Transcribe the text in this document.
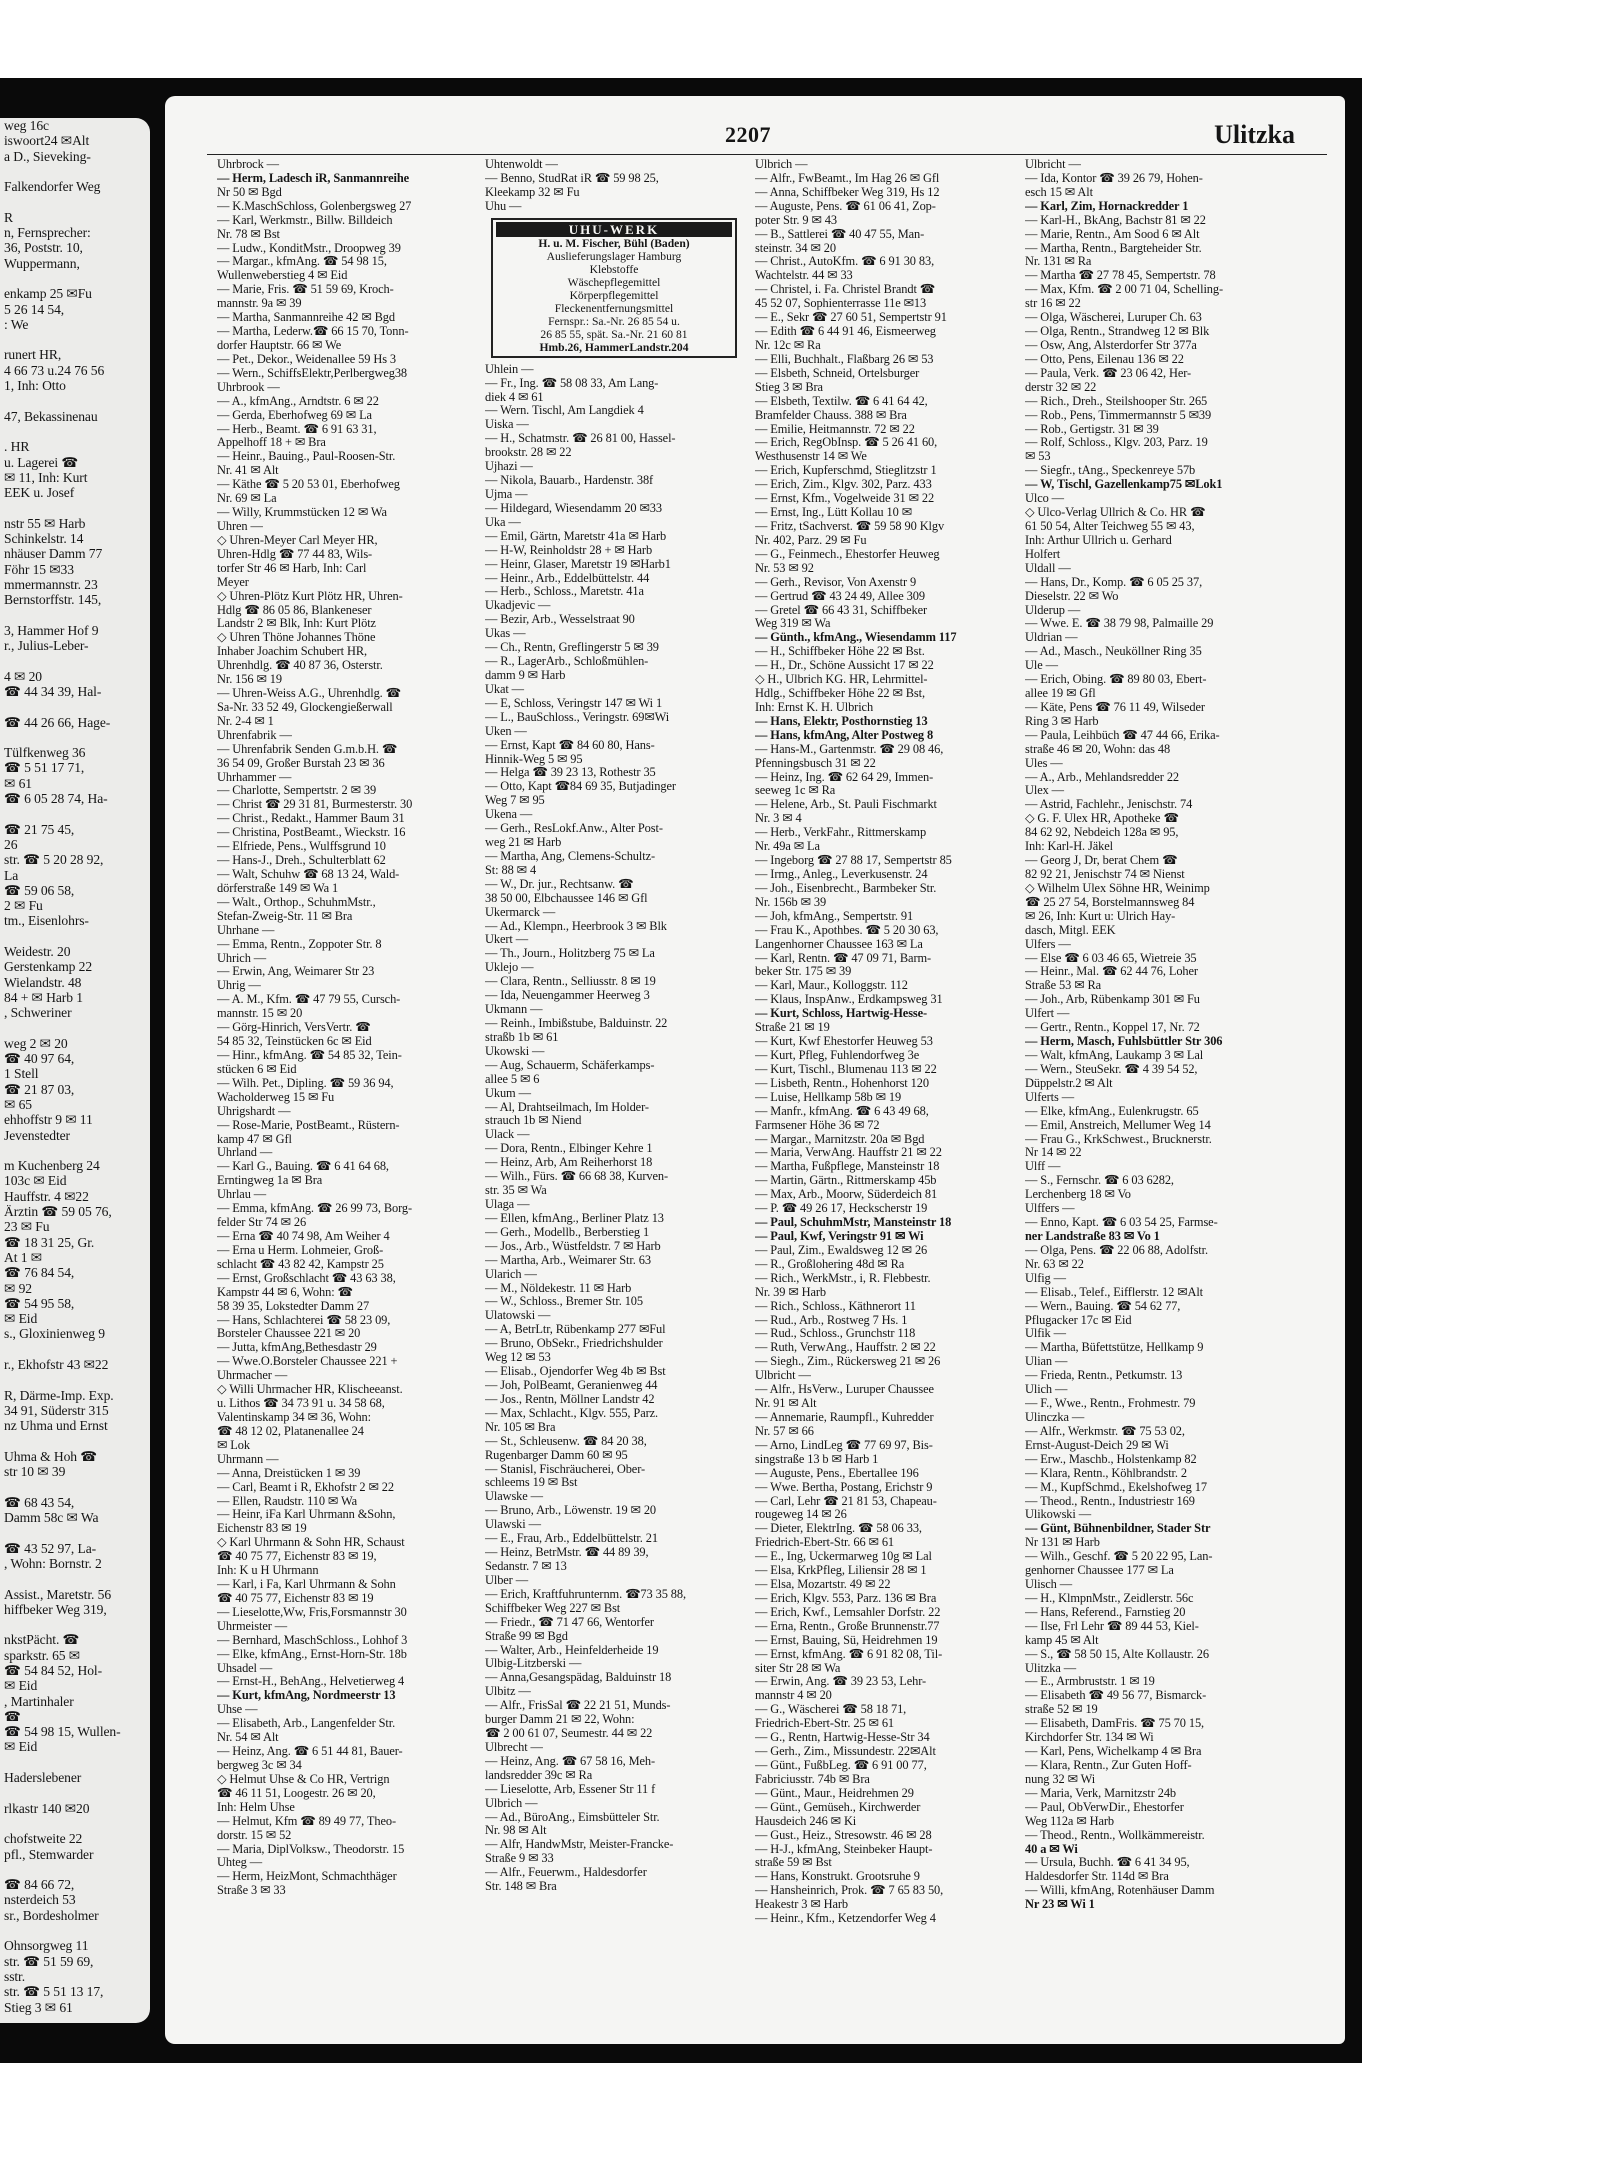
weg 16c
iswoort24 ✉Alt
a D., Sieveking-

Falkendorfer Weg

R
n, Fernsprecher:
36, Poststr. 10,
Wuppermann,

enkamp 25 ✉Fu
5 26 14 54,
: We

runert HR,
4 66 73 u.24 76 56
1, Inh: Otto

47, Bekassinenau

. HR
u. Lagerei ☎
✉ 11, Inh: Kurt
EEK u. Josef

nstr 55 ✉ Harb
Schinkelstr. 14
nhäuser Damm 77
Föhr 15 ✉33
mmermannstr. 23
Bernstorffstr. 145,

3, Hammer Hof 9
r., Julius-Leber-

4 ✉ 20
☎ 44 34 39, Hal-

☎ 44 26 66, Hage-

Tülfkenweg 36
☎ 5 51 17 71,
✉ 61
☎ 6 05 28 74, Ha-

☎ 21 75 45,
26
str. ☎ 5 20 28 92,
La
☎ 59 06 58,
2 ✉ Fu
tm., Eisenlohrs-

Weidestr. 20
Gerstenkamp 22
Wielandstr. 48
84 + ✉ Harb 1
, Schweriner

weg 2 ✉ 20
☎ 40 97 64,
1 Stell
☎ 21 87 03,
✉ 65
ehhoffstr 9 ✉ 11
Jevenstedter

m Kuchenberg 24
103c ✉ Eid
Hauffstr. 4 ✉22
Ärztin ☎ 59 05 76,
23 ✉ Fu
☎ 18 31 25, Gr.
At 1 ✉
☎ 76 84 54,
✉ 92
☎ 54 95 58,
✉ Eid
s., Gloxinienweg 9

r., Ekhofstr 43 ✉22

R, Därme-Imp. Exp.
34 91, Süderstr 315
nz Uhma und Ernst

Uhma & Hoh ☎
str 10 ✉ 39

☎ 68 43 54,
Damm 58c ✉ Wa

☎ 43 52 97, La-
, Wohn: Bornstr. 2

Assist., Maretstr. 56
hiffbeker Weg 319,

nkstPächt. ☎
sparkstr. 65 ✉
☎ 54 84 52, Hol-
✉ Eid
, Martinhaler
☎
☎ 54 98 15, Wullen-
✉ Eid

Haderslebener

rlkastr 140 ✉20

chofstweite 22
pfl., Stemwarder

☎ 84 66 72,
nsterdeich 53
sr., Bordesholmer

Ohnsorgweg 11
str. ☎ 51 59 69,
sstr.
str. ☎ 5 51 13 17,
Stieg 3 ✉ 61
2207	Ulitzka
Uhrbrock —
— Herm, Ladesch iR, Sanmannreihe
Nr 50 ✉ Bgd
— K.MaschSchloss, Golenbergsweg 27
— Karl, Werkmstr., Billw. Billdeich
Nr. 78 ✉ Bst
— Ludw., KonditMstr., Droopweg 39
— Margar., kfmAng. ☎ 54 98 15,
Wullenweberstieg 4 ✉ Eid
— Marie, Fris. ☎ 51 59 69, Kroch-
mannstr. 9a ✉ 39
— Martha, Sanmannreihe 42 ✉ Bgd
— Martha, Lederw.☎ 66 15 70, Tonn-
dorfer Hauptstr. 66 ✉ We
— Pet., Dekor., Weidenallee 59 Hs 3
— Wern., SchiffsElektr,Perlbergweg38
Uhrbrook —
— A., kfmAng., Arndtstr. 6 ✉ 22
— Gerda, Eberhofweg 69 ✉ La
— Herb., Beamt. ☎ 6 91 63 31,
Appelhoff 18 + ✉ Bra
— Heinr., Bauing., Paul-Roosen-Str.
Nr. 41 ✉ Alt
— Käthe ☎ 5 20 53 01, Eberhofweg
Nr. 69 ✉ La
— Willy, Krummstücken 12 ✉ Wa
Uhren —
◇ Uhren-Meyer Carl Meyer HR,
Uhren-Hdlg ☎ 77 44 83, Wils-
torfer Str 46 ✉ Harb, Inh: Carl
Meyer
◇ Uhren-Plötz Kurt Plötz HR, Uhren-
Hdlg ☎ 86 05 86, Blankeneser
Landstr 2 ✉ Blk, Inh: Kurt Plötz
◇ Uhren Thöne Johannes Thöne
Inhaber Joachim Schubert HR,
Uhrenhdlg. ☎ 40 87 36, Osterstr.
Nr. 156 ✉ 19
— Uhren-Weiss A.G., Uhrenhdlg. ☎
Sa-Nr. 33 52 49, Glockengießerwall
Nr. 2-4 ✉ 1
Uhrenfabrik —
— Uhrenfabrik Senden G.m.b.H. ☎
36 54 09, Großer Burstah 23 ✉ 36
Uhrhammer —
— Charlotte, Sempertstr. 2 ✉ 39
— Christ ☎ 29 31 81, Burmesterstr. 30
— Christ., Redakt., Hammer Baum 31
— Christina, PostBeamt., Wieckstr. 16
— Elfriede, Pens., Wulffsgrund 10
— Hans-J., Dreh., Schulterblatt 62
— Walt, Schuhw ☎ 68 13 24, Wald-
dörferstraße 149 ✉ Wa 1
— Walt., Orthop., SchuhmMstr.,
Stefan-Zweig-Str. 11 ✉ Bra
Uhrhane —
— Emma, Rentn., Zoppoter Str. 8
Uhrich —
— Erwin, Ang, Weimarer Str 23
Uhrig —
— A. M., Kfm. ☎ 47 79 55, Cursch-
mannstr. 15 ✉ 20
— Görg-Hinrich, VersVertr. ☎
54 85 32, Teinstücken 6c ✉ Eid
— Hinr., kfmAng. ☎ 54 85 32, Tein-
stücken 6 ✉ Eid
— Wilh. Pet., Dipling. ☎ 59 36 94,
Wacholderweg 15 ✉ Fu
Uhrigshardt —
— Rose-Marie, PostBeamt., Rüstern-
kamp 47 ✉ Gfl
Uhrland —
— Karl G., Bauing. ☎ 6 41 64 68,
Erntingweg 1a ✉ Bra
Uhrlau —
— Emma, kfmAng. ☎ 26 99 73, Borg-
felder Str 74 ✉ 26
— Erna ☎ 40 74 98, Am Weiher 4
— Erna u Herm. Lohmeier, Groß-
schlacht ☎ 43 82 42, Kampstr 25
— Ernst, Großschlacht ☎ 43 63 38,
Kampstr 44 ✉ 6, Wohn: ☎
58 39 35, Lokstedter Damm 27
— Hans, Schlachterei ☎ 58 23 09,
Borsteler Chaussee 221 ✉ 20
— Jutta, kfmAng,Bethesdastr 29
— Wwe.O.Borsteler Chaussee 221 +
Uhrmacher —
◇ Willi Uhrmacher HR, Klischeeanst.
u. Lithos ☎ 34 73 91 u. 34 58 68,
Valentinskamp 34 ✉ 36, Wohn:
☎ 48 12 02, Platanenallee 24
✉ Lok
Uhrmann —
— Anna, Dreistücken 1 ✉ 39
— Carl, Beamt i R, Ekhofstr 2 ✉ 22
— Ellen, Raudstr. 110 ✉ Wa
— Heinr, iFa Karl Uhrmann &Sohn,
Eichenstr 83 ✉ 19
◇ Karl Uhrmann & Sohn HR, Schaust
☎ 40 75 77, Eichenstr 83 ✉ 19,
Inh: K u H Uhrmann
— Karl, i Fa, Karl Uhrmann & Sohn
☎ 40 75 77, Eichenstr 83 ✉ 19
— Lieselotte,Ww, Fris,Forsmannstr 30
Uhrmeister —
— Bernhard, MaschSchloss., Lohhof 3
— Elke, kfmAng., Ernst-Horn-Str. 18b
Uhsadel —
— Ernst-H., BehAng., Helvetierweg 4
— Kurt, kfmAng, Nordmeerstr 13
Uhse —
— Elisabeth, Arb., Langenfelder Str.
Nr. 54 ✉ Alt
— Heinz, Ang. ☎ 6 51 44 81, Bauer-
bergweg 3c ✉ 34
◇ Helmut Uhse & Co HR, Vertrign
☎ 46 11 51, Loogestr. 26 ✉ 20,
Inh: Helm Uhse
— Helmut, Kfm ☎ 89 49 77, Theo-
dorstr. 15 ✉ 52
— Maria, DiplVolksw., Theodorstr. 15
Uhteg —
— Herm, HeizMont, Schmachthäger
Straße 3 ✉ 33
Uhtenwoldt —
— Benno, StudRat iR ☎ 59 98 25,
Kleekamp 32 ✉ Fu
Uhu —
UHU-WERK
H. u. M. Fischer, Bühl (Baden)
Auslieferungslager Hamburg
Klebstoffe
Wäschepflegemittel
Körperpflegemittel
Fleckenentfernungsmittel
Fernspr.: Sa.-Nr. 26 85 54 u.
26 85 55, spät. Sa.-Nr. 21 60 81
Hmb.26, HammerLandstr.204
Uhlein —
— Fr., Ing. ☎ 58 08 33, Am Lang-
diek 4 ✉ 61
— Wern. Tischl, Am Langdiek 4
Uiska —
— H., Schatmstr. ☎ 26 81 00, Hassel-
brookstr. 28 ✉ 22
Ujhazi —
— Nikola, Bauarb., Hardenstr. 38f
Ujma —
— Hildegard, Wiesendamm 20 ✉33
Uka —
— Emil, Gärtn, Maretstr 41a ✉ Harb
— H-W, Reinholdstr 28 + ✉ Harb
— Heinr, Glaser, Maretstr 19 ✉Harb1
— Heinr., Arb., Eddelbüttelstr. 44
— Herb., Schloss., Maretstr. 41a
Ukadjevic —
— Bezir, Arb., Wesselstraat 90
Ukas —
— Ch., Rentn, Greflingerstr 5 ✉ 39
— R., LagerArb., Schloßmühlen-
damm 9 ✉ Harb
Ukat —
— E, Schloss, Veringstr 147 ✉ Wi 1
— L., BauSchloss., Veringstr. 69✉Wi
Uken —
— Ernst, Kapt ☎ 84 60 80, Hans-
Hinnik-Weg 5 ✉ 95
— Helga ☎ 39 23 13, Rothestr 35
— Otto, Kapt ☎84 69 35, Butjadinger
Weg 7 ✉ 95
Ukena —
— Gerh., ResLokf.Anw., Alter Post-
weg 21 ✉ Harb
— Martha, Ang, Clemens-Schultz-
St: 88 ✉ 4
— W., Dr. jur., Rechtsanw. ☎
38 50 00, Elbchaussee 146 ✉ Gfl
Ukermarck —
— Ad., Klempn., Heerbrook 3 ✉ Blk
Ukert —
— Th., Journ., Holitzberg 75 ✉ La
Uklejo —
— Clara, Rentn., Selliusstr. 8 ✉ 19
— Ida, Neuengammer Heerweg 3
Ukmann —
— Reinh., Imbißstube, Balduinstr. 22
straßb 1b ✉ 61
Ukowski —
— Aug, Schauerm, Schäferkamps-
allee 5 ✉ 6
Ukum —
— Al, Drahtseilmach, Im Holder-
strauch 1b ✉ Niend
Ulack —
— Dora, Rentn., Elbinger Kehre 1
— Heinz, Arb, Am Reiherhorst 18
— Wilh., Fürs. ☎ 66 68 38, Kurven-
str. 35 ✉ Wa
Ulaga —
— Ellen, kfmAng., Berliner Platz 13
— Gerh., Modellb., Berberstieg 1
— Jos., Arb., Wüstfeldstr. 7 ✉ Harb
— Martha, Arb., Weimarer Str. 63
Ularich —
— M., Nöldekestr. 11 ✉ Harb
— W., Schloss., Bremer Str. 105
Ulatowski —
— A, BetrLtr, Rübenkamp 277 ✉Ful
— Bruno, ObSekr., Friedrichshulder
Weg 12 ✉ 53
— Elisab., Ojendorfer Weg 4b ✉ Bst
— Joh, PolBeamt, Geranienweg 44
— Jos., Rentn, Möllner Landstr 42
— Max, Schlacht., Klgv. 555, Parz.
Nr. 105 ✉ Bra
— St., Schleusenw. ☎ 84 20 38,
Rugenbarger Damm 60 ✉ 95
— Stanisl, Fischräucherei, Ober-
schleems 19 ✉ Bst
Ulawske —
— Bruno, Arb., Löwenstr. 19 ✉ 20
Ulawski —
— E., Frau, Arb., Eddelbüttelstr. 21
— Heinz, BetrMstr. ☎ 44 89 39,
Sedanstr. 7 ✉ 13
Ulber —
— Erich, Kraftfuhrunternm. ☎73 35 88,
Schiffbeker Weg 227 ✉ Bst
— Friedr., ☎ 71 47 66, Wentorfer
Straße 99 ✉ Bgd
— Walter, Arb., Heinfelderheide 19
Ulbig-Litzberski —
— Anna,Gesangspädag, Balduinstr 18
Ulbitz —
— Alfr., FrisSal ☎ 22 21 51, Munds-
burger Damm 21 ✉ 22, Wohn:
☎ 2 00 61 07, Seumestr. 44 ✉ 22
Ulbrecht —
— Heinz, Ang. ☎ 67 58 16, Meh-
landsredder 39c ✉ Ra
— Lieselotte, Arb, Essener Str 11 f
Ulbrich —
— Ad., BüroAng., Eimsbütteler Str.
Nr. 98 ✉ Alt
— Alfr, HandwMstr, Meister-Francke-
Straße 9 ✉ 33
— Alfr., Feuerwm., Haldesdorfer
Str. 148 ✉ Bra
Ulbrich —
— Alfr., FwBeamt., Im Hag 26 ✉ Gfl
— Anna, Schiffbeker Weg 319, Hs 12
— Auguste, Pens. ☎ 61 06 41, Zop-
poter Str. 9 ✉ 43
— B., Sattlerei ☎ 40 47 55, Man-
steinstr. 34 ✉ 20
— Christ., AutoKfm. ☎ 6 91 30 83,
Wachtelstr. 44 ✉ 33
— Christel, i. Fa. Christel Brandt ☎
45 52 07, Sophienterrasse 11e ✉13
— E., Sekr ☎ 27 60 51, Sempertstr 91
— Edith ☎ 6 44 91 46, Eismeerweg
Nr. 12c ✉ Ra
— Elli, Buchhalt., Flaßbarg 26 ✉ 53
— Elsbeth, Schneid, Ortelsburger
Stieg 3 ✉ Bra
— Elsbeth, Textilw. ☎ 6 41 64 42,
Bramfelder Chauss. 388 ✉ Bra
— Emilie, Heitmannstr. 72 ✉ 22
— Erich, RegObInsp. ☎ 5 26 41 60,
Westhusenstr 14 ✉ We
— Erich, Kupferschmd, Stieglitzstr 1
— Erich, Zim., Klgv. 302, Parz. 433
— Ernst, Kfm., Vogelweide 31 ✉ 22
— Ernst, Ing., Lütt Kollau 10 ✉
— Fritz, tSachverst. ☎ 59 58 90 Klgv
Nr. 402, Parz. 29 ✉ Fu
— G., Feinmech., Ehestorfer Heuweg
Nr. 53 ✉ 92
— Gerh., Revisor, Von Axenstr 9
— Gertrud ☎ 43 24 49, Allee 309
— Gretel ☎ 66 43 31, Schiffbeker
Weg 319 ✉ Wa
— Günth., kfmAng., Wiesendamm 117
— H., Schiffbeker Höhe 22 ✉ Bst.
— H., Dr., Schöne Aussicht 17 ✉ 22
◇ H., Ulbrich KG. HR, Lehrmittel-
Hdlg., Schiffbeker Höhe 22 ✉ Bst,
Inh: Ernst K. H. Ulbrich
— Hans, Elektr, Posthornstieg 13
— Hans, kfmAng, Alter Postweg 8
— Hans-M., Gartenmstr. ☎ 29 08 46,
Pfenningsbusch 31 ✉ 22
— Heinz, Ing. ☎ 62 64 29, Immen-
seeweg 1c ✉ Ra
— Helene, Arb., St. Pauli Fischmarkt
Nr. 3 ✉ 4
— Herb., VerkFahr., Rittmerskamp
Nr. 49a ✉ La
— Ingeborg ☎ 27 88 17, Sempertstr 85
— Irmg., Anleg., Leverkusenstr. 24
— Joh., Eisenbrecht., Barmbeker Str.
Nr. 156b ✉ 39
— Joh, kfmAng., Sempertstr. 91
— Frau K., Apothbes. ☎ 5 20 30 63,
Langenhorner Chaussee 163 ✉ La
— Karl, Rentn. ☎ 47 09 71, Barm-
beker Str. 175 ✉ 39
— Karl, Maur., Kolloggstr. 112
— Klaus, InspAnw., Erdkampsweg 31
— Kurt, Schloss, Hartwig-Hesse-
Straße 21 ✉ 19
— Kurt, Kwf Ehestorfer Heuweg 53
— Kurt, Pfleg, Fuhlendorfweg 3e
— Kurt, Tischl., Blumenau 113 ✉ 22
— Lisbeth, Rentn., Hohenhorst 120
— Luise, Hellkamp 58b ✉ 19
— Manfr., kfmAng. ☎ 6 43 49 68,
Farmsener Höhe 36 ✉ 72
— Margar., Marnitzstr. 20a ✉ Bgd
— Maria, VerwAng. Hauffstr 21 ✉ 22
— Martha, Fußpflege, Mansteinstr 18
— Martin, Gärtn., Rittmerskamp 45b
— Max, Arb., Moorw, Süderdeich 81
— P. ☎ 49 26 17, Heckscherstr 19
— Paul, SchuhmMstr, Mansteinstr 18
— Paul, Kwf, Veringstr 91 ✉ Wi
— Paul, Zim., Ewaldsweg 12 ✉ 26
— R., Großlohering 48d ✉ Ra
— Rich., WerkMstr., i, R. Flebbestr.
Nr. 39 ✉ Harb
— Rich., Schloss., Käthnerort 11
— Rud., Arb., Rostweg 7 Hs. 1
— Rud., Schloss., Grunchstr 118
— Ruth, VerwAng., Hauffstr. 2 ✉ 22
— Siegh., Zim., Rückersweg 21 ✉ 26
Ulbricht —
— Alfr., HsVerw., Luruper Chaussee
Nr. 91 ✉ Alt
— Annemarie, Raumpfl., Kuhredder
Nr. 57 ✉ 66
— Arno, LindLeg ☎ 77 69 97, Bis-
singstraße 13 b ✉ Harb 1
— Auguste, Pens., Ebertallee 196
— Wwe. Bertha, Postang, Erichstr 9
— Carl, Lehr ☎ 21 81 53, Chapeau-
rougeweg 14 ✉ 26
— Dieter, ElektrIng. ☎ 58 06 33,
Friedrich-Ebert-Str. 66 ✉ 61
— E., Ing, Uckermarweg 10g ✉ Lal
— Elsa, KrkPfleg, Liliensir 28 ✉ 1
— Elsa, Mozartstr. 49 ✉ 22
— Erich, Klgv. 553, Parz. 136 ✉ Bra
— Erich, Kwf., Lemsahler Dorfstr. 22
— Erna, Rentn., Große Brunnenstr.77
— Ernst, Bauing, Sü, Heidrehmen 19
— Ernst, kfmAng. ☎ 6 91 82 08, Til-
siter Str 28 ✉ Wa
— Erwin, Ang. ☎ 39 23 53, Lehr-
mannstr 4 ✉ 20
— G., Wäscherei ☎ 58 18 71,
Friedrich-Ebert-Str. 25 ✉ 61
— G., Rentn, Hartwig-Hesse-Str 34
— Gerh., Zim., Missundestr. 22✉Alt
— Günt., FußbLeg. ☎ 6 91 00 77,
Fabriciusstr. 74b ✉ Bra
— Günt., Maur., Heidrehmen 29
— Günt., Gemüseh., Kirchwerder
Hausdeich 246 ✉ Ki
— Gust., Heiz., Stresowstr. 46 ✉ 28
— H-J., kfmAng, Steinbeker Haupt-
straße 59 ✉ Bst
— Hans, Konstrukt. Grootsruhe 9
— Hansheinrich, Prok. ☎ 7 65 83 50,
Heakestr 3 ✉ Harb
— Heinr., Kfm., Ketzendorfer Weg 4
Ulbricht —
— Ida, Kontor ☎ 39 26 79, Hohen-
esch 15 ✉ Alt
— Karl, Zim, Hornackredder 1
— Karl-H., BkAng, Bachstr 81 ✉ 22
— Marie, Rentn., Am Sood 6 ✉ Alt
— Martha, Rentn., Bargteheider Str.
Nr. 131 ✉ Ra
— Martha ☎ 27 78 45, Sempertstr. 78
— Max, Kfm. ☎ 2 00 71 04, Schelling-
str 16 ✉ 22
— Olga, Wäscherei, Luruper Ch. 63
— Olga, Rentn., Strandweg 12 ✉ Blk
— Osw, Ang, Alsterdorfer Str 377a
— Otto, Pens, Eilenau 136 ✉ 22
— Paula, Verk. ☎ 23 06 42, Her-
derstr 32 ✉ 22
— Rich., Dreh., Steilshooper Str. 265
— Rob., Pens, Timmermannstr 5 ✉39
— Rob., Gertigstr. 31 ✉ 39
— Rolf, Schloss., Klgv. 203, Parz. 19
✉ 53
— Siegfr., tAng., Speckenreye 57b
— W, Tischl, Gazellenkamp75 ✉Lok1
Ulco —
◇ Ulco-Verlag Ullrich & Co. HR ☎
61 50 54, Alter Teichweg 55 ✉ 43,
Inh: Arthur Ullrich u. Gerhard
Holfert
Uldall —
— Hans, Dr., Komp. ☎ 6 05 25 37,
Dieselstr. 22 ✉ Wo
Ulderup —
— Wwe. E. ☎ 38 79 98, Palmaille 29
Uldrian —
— Ad., Masch., Neuköllner Ring 35
Ule —
— Erich, Obing. ☎ 89 80 03, Ebert-
allee 19 ✉ Gfl
— Käte, Pens ☎ 76 11 49, Wilseder
Ring 3 ✉ Harb
— Paula, Leihbüch ☎ 47 44 66, Erika-
straße 46 ✉ 20, Wohn: das 48
Ules —
— A., Arb., Mehlandsredder 22
Ulex —
— Astrid, Fachlehr., Jenischstr. 74
◇ G. F. Ulex HR, Apotheke ☎
84 62 92, Nebdeich 128a ✉ 95,
Inh: Karl-H. Jäkel
— Georg J, Dr, berat Chem ☎
82 92 21, Jenischstr 74 ✉ Nienst
◇ Wilhelm Ulex Söhne HR, Weinimp
☎ 25 27 54, Borstelmannsweg 84
✉ 26, Inh: Kurt u: Ulrich Hay-
dasch, Mitgl. EEK
Ulfers —
— Else ☎ 6 03 46 65, Wietreie 35
— Heinr., Mal. ☎ 62 44 76, Loher
Straße 53 ✉ Ra
— Joh., Arb, Rübenkamp 301 ✉ Fu
Ulfert —
— Gertr., Rentn., Koppel 17, Nr. 72
— Herm, Masch, Fuhlsbüttler Str 306
— Walt, kfmAng, Laukamp 3 ✉ Lal
— Wern., SteuSekr. ☎ 4 39 54 52,
Düppelstr.2 ✉ Alt
Ulferts —
— Elke, kfmAng., Eulenkrugstr. 65
— Emil, Anstreich, Mellumer Weg 14
— Frau G., KrkSchwest., Brucknerstr.
Nr 14 ✉ 22
Ulff —
— S., Fernschr. ☎ 6 03 6282,
Lerchenberg 18 ✉ Vo
Ulffers —
— Enno, Kapt. ☎ 6 03 54 25, Farmse-
ner Landstraße 83 ✉ Vo 1
— Olga, Pens. ☎ 22 06 88, Adolfstr.
Nr. 63 ✉ 22
Ulfig —
— Elisab., Telef., Eifflerstr. 12 ✉Alt
— Wern., Bauing. ☎ 54 62 77,
Pflugacker 17c ✉ Eid
Ulfik —
— Martha, Büfettstütze, Hellkamp 9
Ulian —
— Frieda, Rentn., Petkumstr. 13
Ulich —
— F., Wwe., Rentn., Frohmestr. 79
Ulinczka —
— Alfr., Werkmstr. ☎ 75 53 02,
Ernst-August-Deich 29 ✉ Wi
— Erw., Maschb., Holstenkamp 82
— Klara, Rentn., Köhlbrandstr. 2
— M., KupfSchmd., Ekelshofweg 17
— Theod., Rentn., Industriestr 169
Ulikowski —
— Günt, Bühnenbildner, Stader Str
Nr 131 ✉ Harb
— Wilh., Geschf. ☎ 5 20 22 95, Lan-
genhorner Chaussee 177 ✉ La
Ulisch —
— H., KlmpnMstr., Zeidlerstr. 56c
— Hans, Referend., Farnstieg 20
— Ilse, Frl Lehr ☎ 89 44 53, Kiel-
kamp 45 ✉ Alt
— S., ☎ 58 50 15, Alte Kollaustr. 26
Ulitzka —
— E., Armbruststr. 1 ✉ 19
— Elisabeth ☎ 49 56 77, Bismarck-
straße 52 ✉ 19
— Elisabeth, DamFris. ☎ 75 70 15,
Kirchdorfer Str. 134 ✉ Wi
— Karl, Pens, Wichelkamp 4 ✉ Bra
— Klara, Rentn., Zur Guten Hoff-
nung 32 ✉ Wi
— Maria, Verk, Marnitzstr 24b
— Paul, ObVerwDir., Ehestorfer
Weg 112a ✉ Harb
— Theod., Rentn., Wollkämmereistr.
40 a ✉ Wi
— Ursula, Buchh. ☎ 6 41 34 95,
Haldesdorfer Str. 114d ✉ Bra
— Willi, kfmAng, Rotenhäuser Damm
Nr 23 ✉ Wi 1
